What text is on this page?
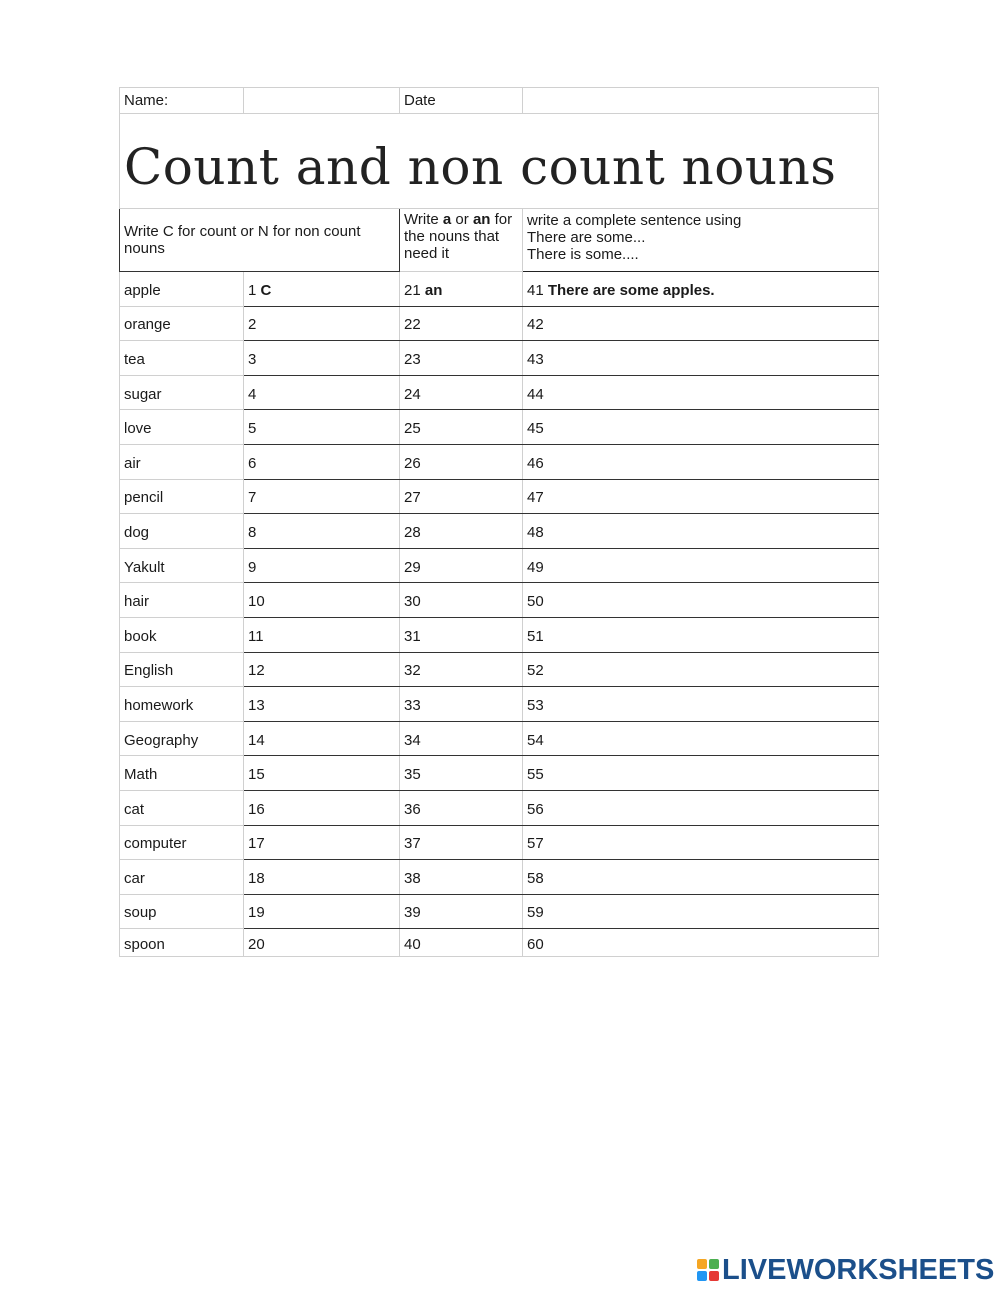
Name:		Date	
Count and non count nouns			
Write C for count or N for non count nouns		Write a or an for the nouns that need it	write a complete sentence using
There are some...
There is some....

apple	1 C	21 an	41 There are some apples.
orange	2	22	42
tea	3	23	43
sugar	4	24	44
love	5	25	45
air	6	26	46
pencil	7	27	47
dog	8	28	48
Yakult	9	29	49
hair	10	30	50
book	11	31	51
English	12	32	52
homework	13	33	53
Geography	14	34	54
Math	15	35	55
cat	16	36	56
computer	17	37	57
car	18	38	58
soup	19	39	59
spoon	20	40	60
LIVEWORKSHEETS
